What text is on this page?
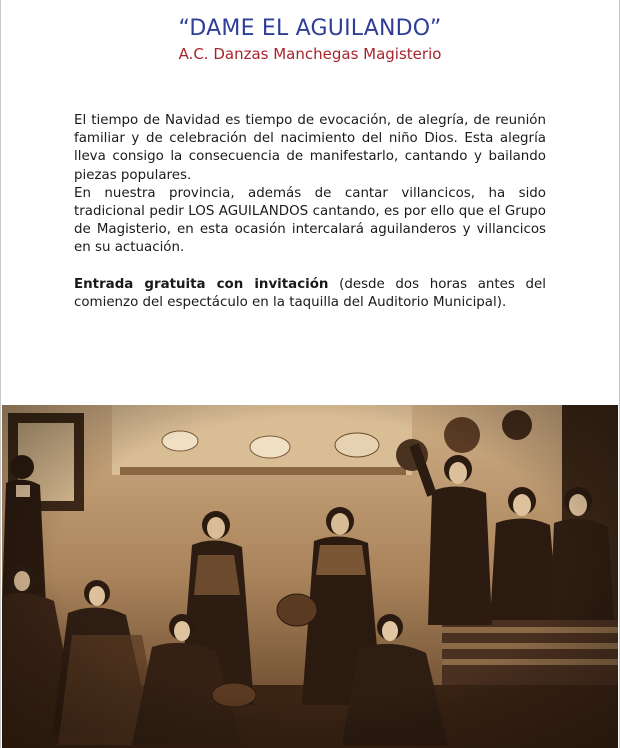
“DAME EL AGUILANDO”
A.C. Danzas Manchegas Magisterio

El tiempo de Navidad es tiempo de evocación, de alegría, de reunión familiar y de celebración del nacimiento del niño Dios. Esta alegría lleva consigo la consecuencia de manifestarlo, cantando y bailando piezas populares.

En nuestra provincia, además de cantar villancicos, ha sido tradicional pedir LOS AGUILANDOS cantando, es por ello que el Grupo de Magisterio, en esta ocasión intercalará aguilanderos y villancicos en su actuación.

Entrada gratuita con invitación (desde dos horas antes del comienzo del espectáculo en la taquilla del Auditorio Municipal).
